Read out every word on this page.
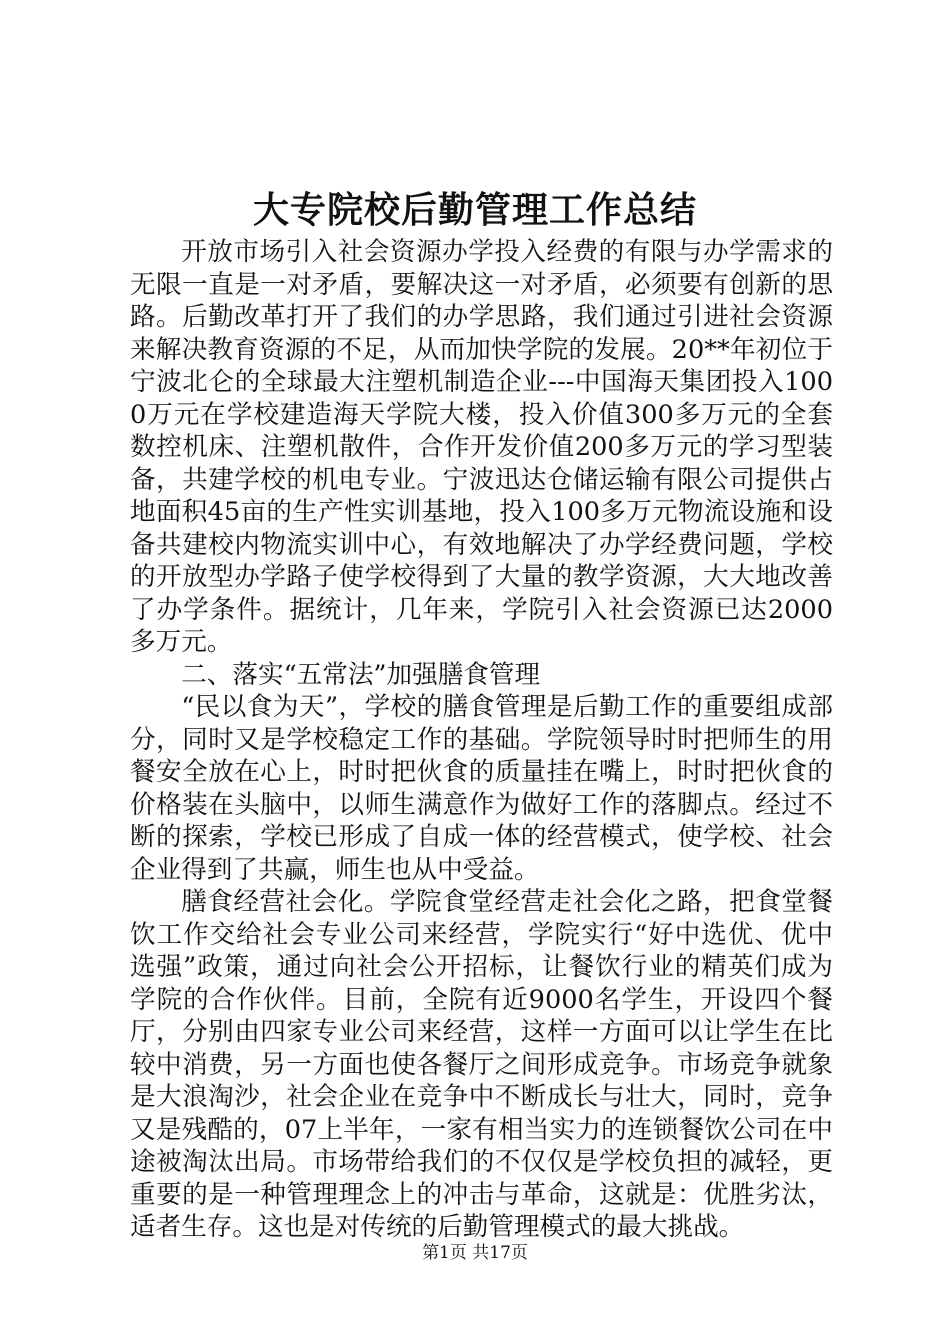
大专院校后勤管理工作总结

开放市场引入社会资源办学投入经费的有限与办学需求的无限一直是一对矛盾，要解决这一对矛盾，必须要有创新的思路。后勤改革打开了我们的办学思路，我们通过引进社会资源来解决教育资源的不足，从而加快学院的发展。20**年初位于宁波北仑的全球最大注塑机制造企业---中国海天集团投入1000万元在学校建造海天学院大楼，投入价值300多万元的全套数控机床、注塑机散件，合作开发价值200多万元的学习型装备，共建学校的机电专业。宁波迅达仓储运输有限公司提供占地面积45亩的生产性实训基地，投入100多万元物流设施和设备共建校内物流实训中心，有效地解决了办学经费问题，学校的开放型办学路子使学校得到了大量的教学资源，大大地改善了办学条件。据统计，几年来，学院引入社会资源已达2000多万元。

二、落实“五常法”加强膳食管理

“民以食为天”，学校的膳食管理是后勤工作的重要组成部分，同时又是学校稳定工作的基础。学院领导时时把师生的用餐安全放在心上，时时把伙食的质量挂在嘴上，时时把伙食的价格装在头脑中，以师生满意作为做好工作的落脚点。经过不断的探索，学校已形成了自成一体的经营模式，使学校、社会企业得到了共赢，师生也从中受益。

膳食经营社会化。学院食堂经营走社会化之路，把食堂餐饮工作交给社会专业公司来经营，学院实行“好中选优、优中选强”政策，通过向社会公开招标，让餐饮行业的精英们成为学院的合作伙伴。目前，全院有近9000名学生，开设四个餐厅，分别由四家专业公司来经营，这样一方面可以让学生在比较中消费，另一方面也使各餐厅之间形成竞争。市场竞争就象是大浪淘沙，社会企业在竞争中不断成长与壮大，同时，竞争又是残酷的，07上半年，一家有相当实力的连锁餐饮公司在中途被淘汰出局。市场带给我们的不仅仅是学校负担的减轻，更重要的是一种管理理念上的冲击与革命，这就是：优胜劣汰，适者生存。这也是对传统的后勤管理模式的最大挑战。

第1页 共17页
